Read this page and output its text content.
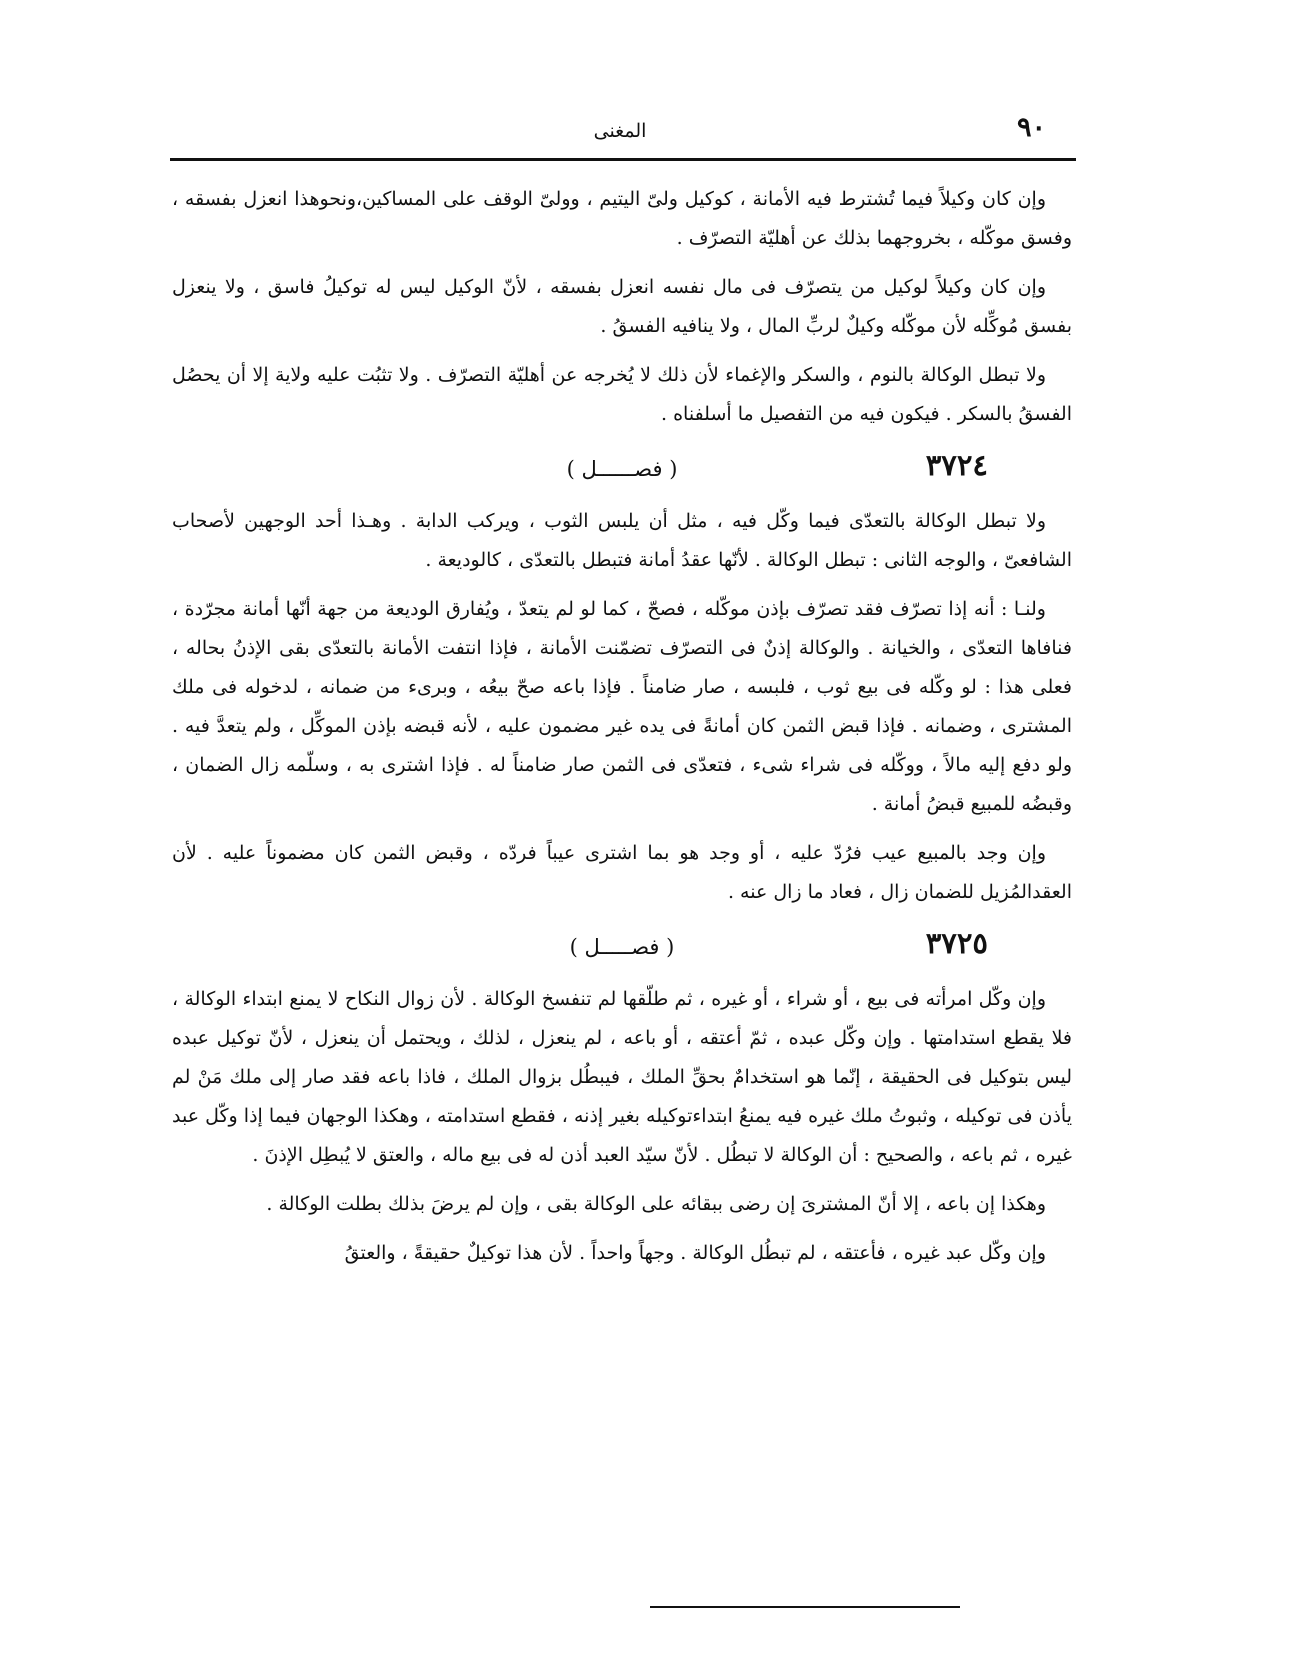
٩٠
المغنى

وإن كان وكيلاً فيما تُشترط فيه الأمانة ، كوكيل ولىّ اليتيم ، وولىّ الوقف على المساكين،ونحوهذا انعزل بفسقه ، وفسق موكّله ، بخروجهما بذلك عن أهليّة التصرّف .

وإن كان وكيلاً لوكيل من يتصرّف فى مال نفسه انعزل بفسقه ، لأنّ الوكيل ليس له توكيلُ فاسق ، ولا ينعزل بفسق مُوكِّله لأن موكّله وكيلٌ لربِّ المال ، ولا ينافيه الفسقُ .

ولا تبطل الوكالة بالنوم ، والسكر والإغماء لأن ذلك لا يُخرجه عن أهليّة التصرّف . ولا تثبُت عليه ولاية إلا أن يحصُل الفسقُ بالسكر . فيكون فيه من التفصيل ما أسلفناه .

٣٧٢٤
( فصــــــل )

ولا تبطل الوكالة بالتعدّى فيما وكّل فيه ، مثل أن يلبس الثوب ، ويركب الدابة . وهـذا أحد الوجهين لأصحاب الشافعىّ ، والوجه الثانى : تبطل الوكالة . لأنّها عقدُ أمانة فتبطل بالتعدّى ، كالوديعة .

ولنـا : أنه إذا تصرّف فقد تصرّف بإذن موكّله ، فصحّ ، كما لو لم يتعدّ ، ويُفارق الوديعة من جهة أنّها أمانة مجرّدة ، فنافاها التعدّى ، والخيانة . والوكالة إذنٌ فى التصرّف تضمّنت الأمانة ، فإذا انتفت الأمانة بالتعدّى بقى الإذنُ بحاله ، فعلى هذا : لو وكّله فى بيع ثوب ، فلبسه ، صار ضامناً . فإذا باعه صحّ بيعُه ، وبرىء من ضمانه ، لدخوله فى ملك المشترى ، وضمانه . فإذا قبض الثمن كان أمانةً فى يده غير مضمون عليه ، لأنه قبضه بإذن الموكِّل ، ولم يتعدَّ فيه . ولو دفع إليه مالاً ، ووكّله فى شراء شىء ، فتعدّى فى الثمن صار ضامناً له . فإذا اشترى به ، وسلّمه زال الضمان ، وقبضُه للمبيع قبضُ أمانة .

وإن وجد بالمبيع عيب فرُدّ عليه ، أو وجد هو بما اشترى عيباً فردّه ، وقبض الثمن كان مضموناً عليه . لأن العقدالمُزيل للضمان زال ، فعاد ما زال عنه .

٣٧٢٥
( فصـــــل )

وإن وكّل امرأته فى بيع ، أو شراء ، أو غيره ، ثم طلّقها لم تنفسخ الوكالة . لأن زوال النكاح لا يمنع ابتداء الوكالة ، فلا يقطع استدامتها . وإن وكّل عبده ، ثمّ أعتقه ، أو باعه ، لم ينعزل ، لذلك ، ويحتمل أن ينعزل ، لأنّ توكيل عبده ليس بتوكيل فى الحقيقة ، إنّما هو استخدامٌ بحقِّ الملك ، فيبطُل بزوال الملك ، فاذا باعه فقد صار إلى ملك مَنْ لم يأذن فى توكيله ، وثبوتُ ملك غيره فيه يمنعُ ابتداءتوكيله بغير إذنه ، فقطع استدامته ، وهكذا الوجهان فيما إذا وكّل عبد غيره ، ثم باعه ، والصحيح : أن الوكالة لا تبطُل . لأنّ سيّد العبد أذن له فى بيع ماله ، والعتق لا يُبطِل الإذنَ .

وهكذا إن باعه ، إلا أنّ المشترىَ إن رضى ببقائه على الوكالة بقى ، وإن لم يرضَ بذلك بطلت الوكالة .

وإن وكّل عبد غيره ، فأعتقه ، لم تبطُل الوكالة . وجهاً واحداً . لأن هذا توكيلٌ حقيقةً ، والعتقُ
